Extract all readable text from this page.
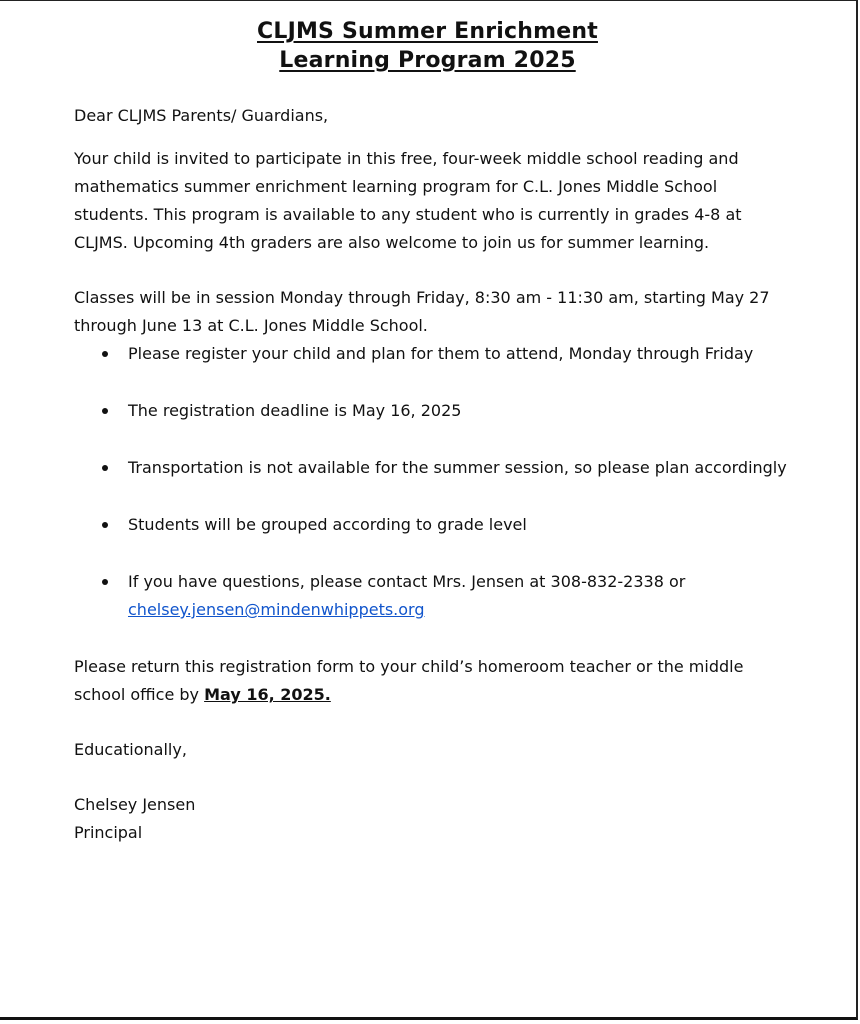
CLJMS Summer Enrichment
Learning Program 2025

Dear CLJMS Parents/ Guardians,

Your child is invited to participate in this free, four-week middle school reading and mathematics summer enrichment learning program for C.L. Jones Middle School students. This program is available to any student who is currently in grades 4-8 at CLJMS. Upcoming 4th graders are also welcome to join us for summer learning.

Classes will be in session Monday through Friday, 8:30 am - 11:30 am, starting May 27 through June 13 at C.L. Jones Middle School.

Please register your child and plan for them to attend, Monday through Friday
The registration deadline is May 16, 2025
Transportation is not available for the summer session, so please plan accordingly
Students will be grouped according to grade level
If you have questions, please contact Mrs. Jensen at 308-832-2338 or
chelsey.jensen@mindenwhippets.org

Please return this registration form to your child’s homeroom teacher or the middle school office by May 16, 2025.

Educationally,

Chelsey Jensen
Principal
